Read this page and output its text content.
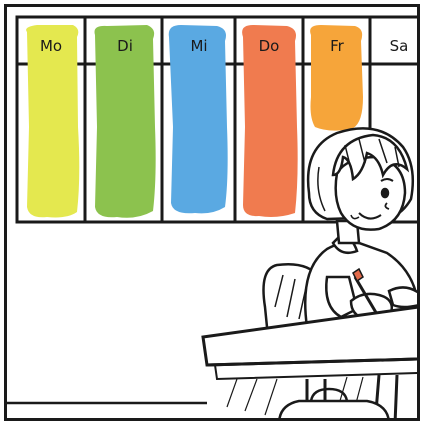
Mo	Di	Mi	Do	Fr	Sa
